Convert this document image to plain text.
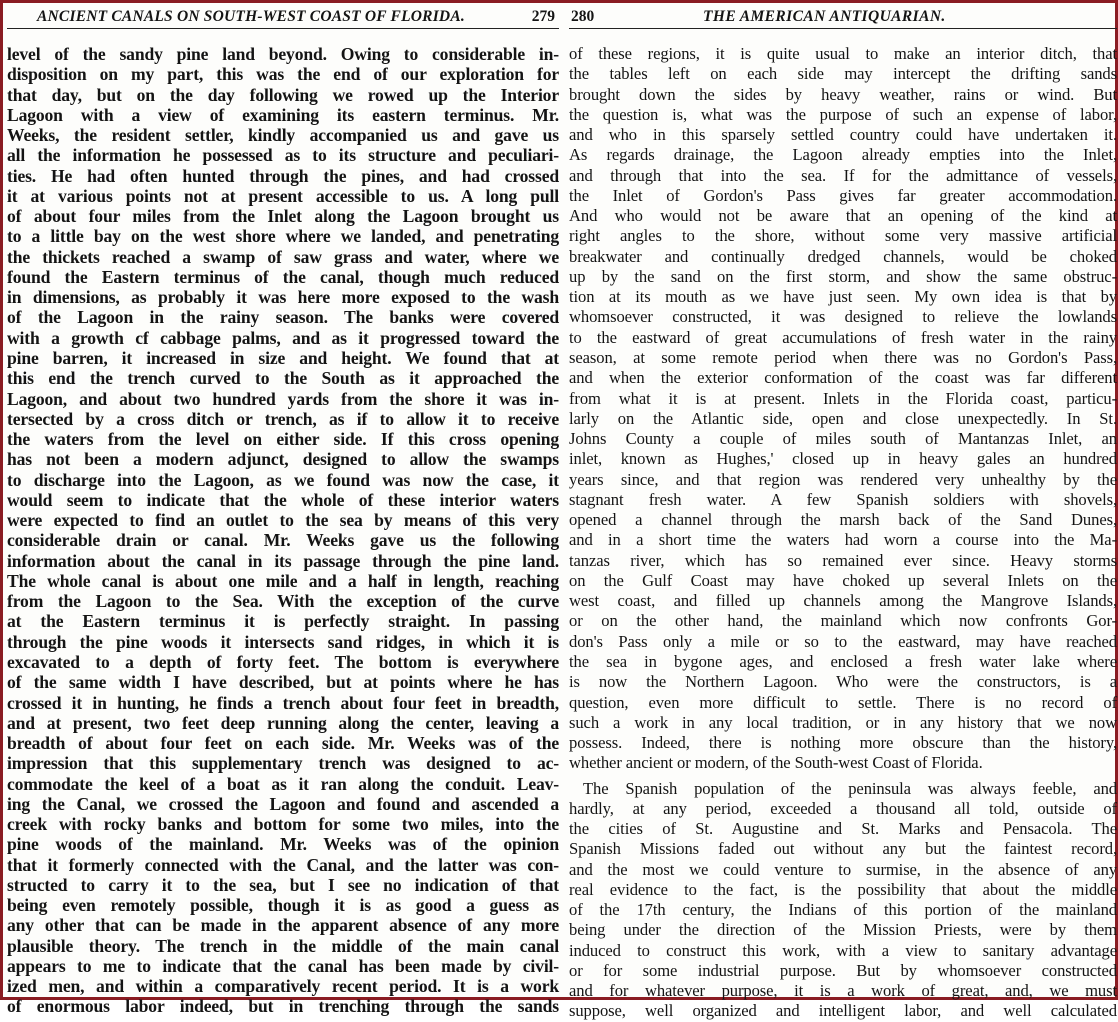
ANCIENT CANALS ON SOUTH-WEST COAST OF FLORIDA.	279
level of the sandy pine land beyond. Owing to considerable in-
disposition on my part, this was the end of our exploration for
that day, but on the day following we rowed up the Interior
Lagoon with a view of examining its eastern terminus. Mr.
Weeks, the resident settler, kindly accompanied us and gave us
all the information he possessed as to its structure and peculiari-
ties. He had often hunted through the pines, and had crossed
it at various points not at present accessible to us. A long pull
of about four miles from the Inlet along the Lagoon brought us
to a little bay on the west shore where we landed, and penetrating
the thickets reached a swamp of saw grass and water, where we
found the Eastern terminus of the canal, though much reduced
in dimensions, as probably it was here more exposed to the wash
of the Lagoon in the rainy season. The banks were covered
with a growth cf cabbage palms, and as it progressed toward the
pine barren, it increased in size and height. We found that at
this end the trench curved to the South as it approached the
Lagoon, and about two hundred yards from the shore it was in-
tersected by a cross ditch or trench, as if to allow it to receive
the waters from the level on either side. If this cross opening
has not been a modern adjunct, designed to allow the swamps
to discharge into the Lagoon, as we found was now the case, it
would seem to indicate that the whole of these interior waters
were expected to find an outlet to the sea by means of this very
considerable drain or canal. Mr. Weeks gave us the following
information about the canal in its passage through the pine land.
The whole canal is about one mile and a half in length, reaching
from the Lagoon to the Sea. With the exception of the curve
at the Eastern terminus it is perfectly straight. In passing
through the pine woods it intersects sand ridges, in which it is
excavated to a depth of forty feet. The bottom is everywhere
of the same width I have described, but at points where he has
crossed it in hunting, he finds a trench about four feet in breadth,
and at present, two feet deep running along the center, leaving a
breadth of about four feet on each side. Mr. Weeks was of the
impression that this supplementary trench was designed to ac-
commodate the keel of a boat as it ran along the conduit. Leav-
ing the Canal, we crossed the Lagoon and found and ascended a
creek with rocky banks and bottom for some two miles, into the
pine woods of the mainland. Mr. Weeks was of the opinion
that it formerly connected with the Canal, and the latter was con-
structed to carry it to the sea, but I see no indication of that
being even remotely possible, though it is as good a guess as
any other that can be made in the apparent absence of any more
plausible theory. The trench in the middle of the main canal
appears to me to indicate that the canal has been made by civil-
ized men, and within a comparatively recent period. It is a work
of enormous labor indeed, but in trenching through the sands
280	THE AMERICAN ANTIQUARIAN.
of these regions, it is quite usual to make an interior ditch, that
the tables left on each side may intercept the drifting sands
brought down the sides by heavy weather, rains or wind. But
the question is, what was the purpose of such an expense of labor,
and who in this sparsely settled country could have undertaken it.
As regards drainage, the Lagoon already empties into the Inlet,
and through that into the sea. If for the admittance of vessels,
the Inlet of Gordon's Pass gives far greater accommodation.
And who would not be aware that an opening of the kind at
right angles to the shore, without some very massive artificial
breakwater and continually dredged channels, would be choked
up by the sand on the first storm, and show the same obstruc-
tion at its mouth as we have just seen. My own idea is that by
whomsoever constructed, it was designed to relieve the lowlands
to the eastward of great accumulations of fresh water in the rainy
season, at some remote period when there was no Gordon's Pass,
and when the exterior conformation of the coast was far different
from what it is at present. Inlets in the Florida coast, particu-
larly on the Atlantic side, open and close unexpectedly. In St.
Johns County a couple of miles south of Mantanzas Inlet, an
inlet, known as Hughes,' closed up in heavy gales an hundred
years since, and that region was rendered very unhealthy by the
stagnant fresh water. A few Spanish soldiers with shovels,
opened a channel through the marsh back of the Sand Dunes,
and in a short time the waters had worn a course into the Ma-
tanzas river, which has so remained ever since. Heavy storms
on the Gulf Coast may have choked up several Inlets on the
west coast, and filled up channels among the Mangrove Islands,
or on the other hand, the mainland which now confronts Gor-
don's Pass only a mile or so to the eastward, may have reached
the sea in bygone ages, and enclosed a fresh water lake where
is now the Northern Lagoon. Who were the constructors, is a
question, even more difficult to settle. There is no record of
such a work in any local tradition, or in any history that we now
possess. Indeed, there is nothing more obscure than the history,
whether ancient or modern, of the South-west Coast of Florida.
The Spanish population of the peninsula was always feeble, and
hardly, at any period, exceeded a thousand all told, outside of
the cities of St. Augustine and St. Marks and Pensacola. The
Spanish Missions faded out without any but the faintest record,
and the most we could venture to surmise, in the absence of any
real evidence to the fact, is the possibility that about the middle
of the 17th century, the Indians of this portion of the mainland
being under the direction of the Mission Priests, were by them
induced to construct this work, with a view to sanitary advantage
or for some industrial purpose. But by whomsoever constructed
and for whatever purpose, it is a work of great, and, we must
suppose, well organized and intelligent labor, and well calculated
